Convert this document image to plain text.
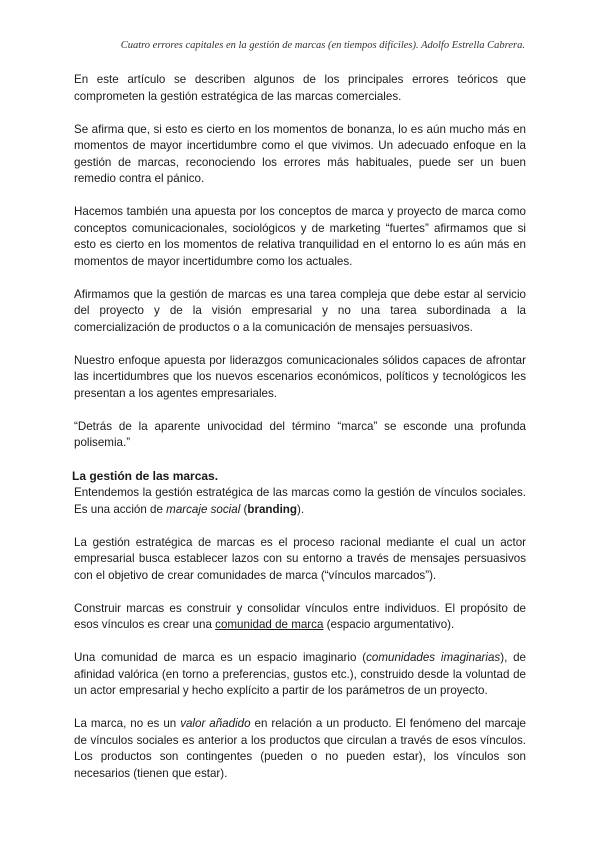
Cuatro errores capitales en la gestión de marcas (en tiempos difíciles). Adolfo Estrella Cabrera.

En este artículo se describen algunos de los principales errores teóricos que comprometen la gestión estratégica de las marcas comerciales.

Se afirma que, si esto es cierto en los momentos de bonanza, lo es aún mucho más en momentos de mayor incertidumbre como el que vivimos. Un adecuado enfoque en la gestión de marcas, reconociendo los errores más habituales, puede ser un buen remedio contra el pánico.

Hacemos también una apuesta por los conceptos de marca y proyecto de marca como conceptos comunicacionales, sociológicos y de marketing “fuertes” afirmamos que si esto es cierto en los momentos de relativa tranquilidad en el entorno lo es aún más en momentos de mayor incertidumbre como los actuales.

Afirmamos que la gestión de marcas es una tarea compleja que debe estar al servicio del proyecto y de la visión empresarial y no una tarea subordinada a la comercialización de productos o a la comunicación de mensajes persuasivos.

Nuestro enfoque apuesta por liderazgos comunicacionales sólidos capaces de afrontar las incertidumbres que los nuevos escenarios económicos, políticos y tecnológicos les presentan a los agentes empresariales.

“Detrás de la aparente univocidad del término “marca” se esconde una profunda polisemia.”

La gestión de las marcas.

Entendemos la gestión estratégica de las marcas como la gestión de vínculos sociales. Es una acción de marcaje social (branding).

La gestión estratégica de marcas es el proceso racional mediante el cual un actor empresarial busca establecer lazos con su entorno a través de mensajes persuasivos con el objetivo de crear comunidades de marca (“vínculos marcados”).

Construir marcas es construir y consolidar vínculos entre individuos. El propósito de esos vínculos es crear una comunidad de marca (espacio argumentativo).

Una comunidad de marca es un espacio imaginario (comunidades imaginarias), de afinidad valórica (en torno a preferencias, gustos etc.), construido desde la voluntad de un actor empresarial y hecho explícito a partir de los parámetros de un proyecto.

La marca, no es un valor añadido en relación a un producto. El fenómeno del marcaje de vínculos sociales es anterior a los productos que circulan a través de esos vínculos. Los productos son contingentes (pueden o no pueden estar), los vínculos son necesarios (tienen que estar).
